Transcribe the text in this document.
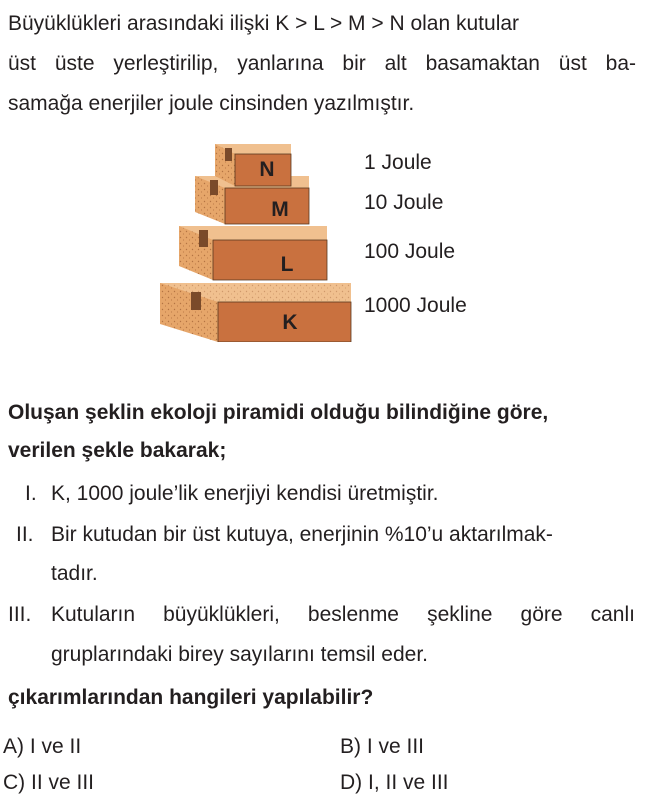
Büyüklükleri arasındaki ilişki K > L > M > N olan kutular
üst üste yerleştirilip, yanlarına bir alt basamaktan üst ba-
samağa enerjiler joule cinsinden yazılmıştır.
K
L
M
N	1 Joule
10 Joule
100 Joule
1000 Joule
Oluşan şeklin ekoloji piramidi olduğu bilindiğine göre,
verilen şekle bakarak;
I. K, 1000 joule’lik enerjiyi kendisi üretmiştir.
II. Bir kutudan bir üst kutuya, enerjinin %10’u aktarılmak-
tadır.
III. Kutuların büyüklükleri, beslenme şekline göre canlı
gruplarındaki birey sayılarını temsil eder.
çıkarımlarından hangileri yapılabilir?
A) I ve II	B) I ve III
C) II ve III	D) I, II ve III
